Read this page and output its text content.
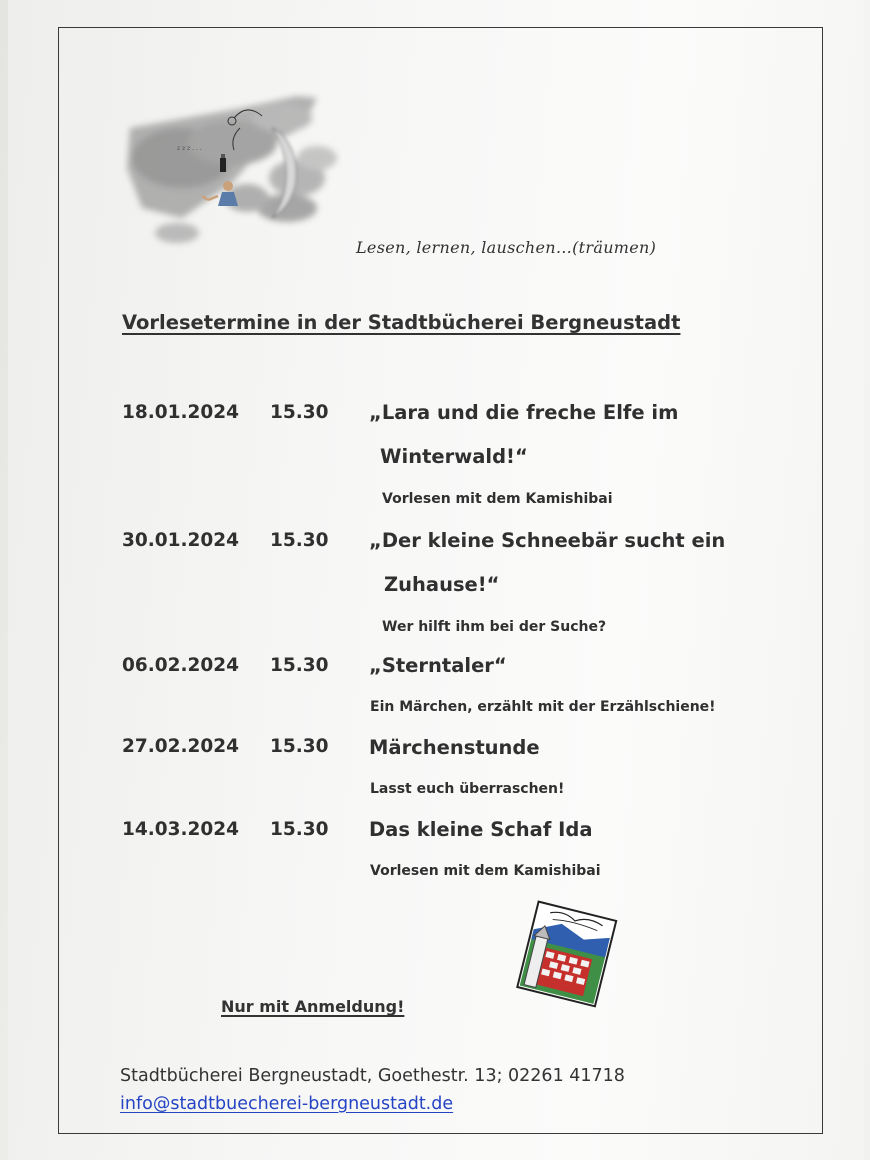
z z z . . .
Lesen, lernen, lauschen…(träumen)
Vorlesetermine in der Stadtbücherei Bergneustadt
18.01.2024 15.30 „Lara und die freche Elfe im
Winterwald!“
Vorlesen mit dem Kamishibai
30.01.2024 15.30 „Der kleine Schneebär sucht ein
Zuhause!“
Wer hilft ihm bei der Suche?
06.02.2024 15.30 „Sterntaler“
Ein Märchen, erzählt mit der Erzählschiene!
27.02.2024 15.30 Märchenstunde
Lasst euch überraschen!
14.03.2024 15.30 Das kleine Schaf Ida
Vorlesen mit dem Kamishibai
Nur mit Anmeldung!
Stadtbücherei Bergneustadt, Goethestr. 13; 02261 41718
info@stadtbuecherei-bergneustadt.de
